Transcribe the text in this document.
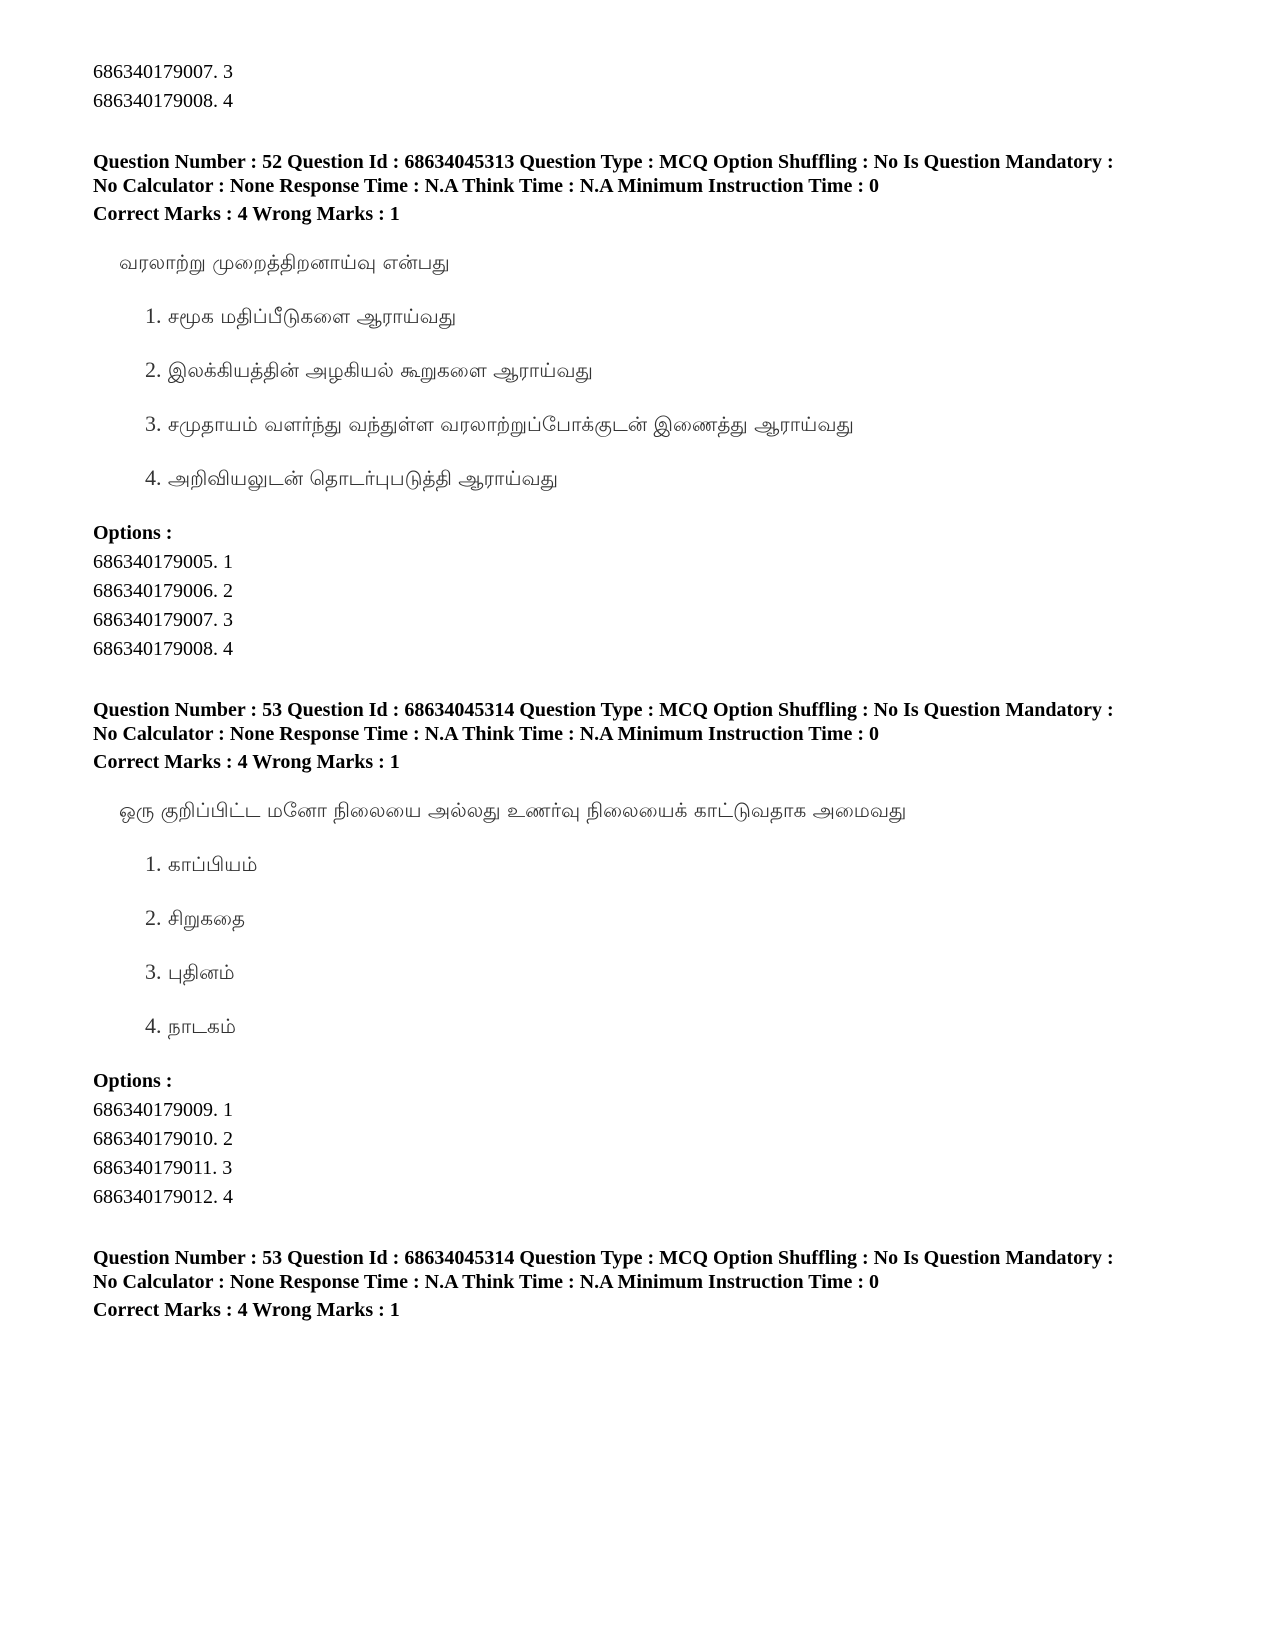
686340179007. 3
686340179008. 4
Question Number : 52 Question Id : 68634045313 Question Type : MCQ Option Shuffling : No Is Question Mandatory :
No Calculator : None Response Time : N.A Think Time : N.A Minimum Instruction Time : 0
Correct Marks : 4 Wrong Marks : 1
வரலாற்று முறைத்திறனாய்வு என்பது
1. சமூக மதிப்பீடுகளை ஆராய்வது
2. இலக்கியத்தின் அழகியல் கூறுகளை ஆராய்வது
3. சமுதாயம் வளர்ந்து வந்துள்ள வரலாற்றுப்போக்குடன் இணைத்து ஆராய்வது
4. அறிவியலுடன் தொடர்புபடுத்தி ஆராய்வது
Options :
686340179005. 1
686340179006. 2
686340179007. 3
686340179008. 4
Question Number : 53 Question Id : 68634045314 Question Type : MCQ Option Shuffling : No Is Question Mandatory :
No Calculator : None Response Time : N.A Think Time : N.A Minimum Instruction Time : 0
Correct Marks : 4 Wrong Marks : 1
ஒரு குறிப்பிட்ட மனோ நிலையை அல்லது உணர்வு நிலையைக் காட்டுவதாக அமைவது
1. காப்பியம்
2. சிறுகதை
3. புதினம்
4. நாடகம்
Options :
686340179009. 1
686340179010. 2
686340179011. 3
686340179012. 4
Question Number : 53 Question Id : 68634045314 Question Type : MCQ Option Shuffling : No Is Question Mandatory :
No Calculator : None Response Time : N.A Think Time : N.A Minimum Instruction Time : 0
Correct Marks : 4 Wrong Marks : 1
